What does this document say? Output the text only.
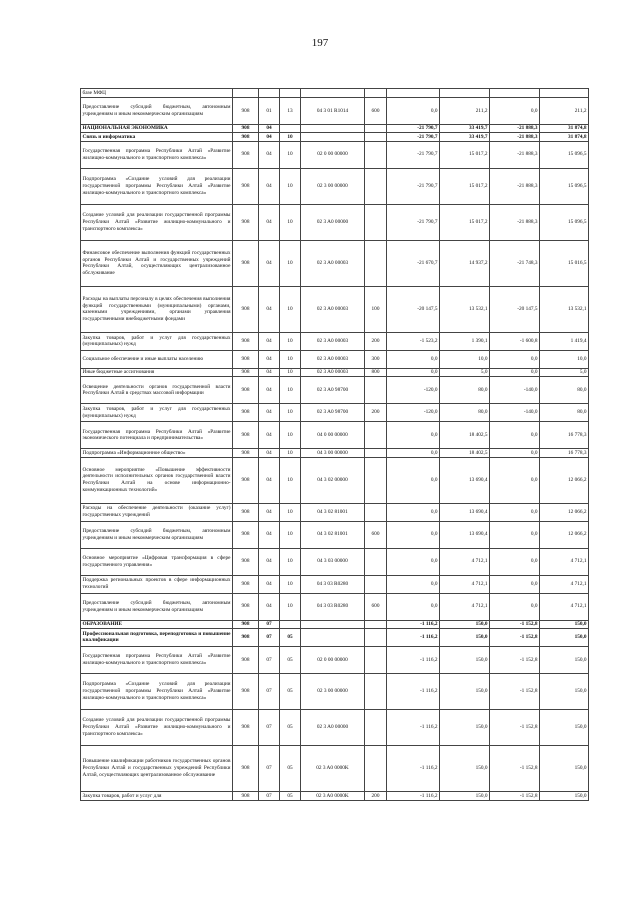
197
базе МФЦ									
Предоставление субсидий бюджетным, автономным учреждениям и иным некоммерческим организациям	908	01	13	04 3 01 R1014	600	0,0	211,2	0,0	211,2
НАЦИОНАЛЬНАЯ ЭКОНОМИКА	908	04				-21 790,7	33 419,7	-21 888,3	31 874,8
Связь и информатика	908	04	10			-21 790,7	33 419,7	-21 888,3	31 874,8
Государственная программа Республики Алтай «Развитие жилищно-коммунального и транспортного комплекса»	908	04	10	02 0 00 00000		-21 790,7	15 017,2	-21 888,3	15 096,5
Подпрограмма «Создание условий для реализации государственной программы Республики Алтай «Развитие жилищно-коммунального и транспортного комплекса»	908	04	10	02 3 00 00000		-21 790,7	15 017,2	-21 888,3	15 096,5
Создание условий для реализации государственной программы Республики Алтай «Развитие жилищно-коммунального и транспортного комплекса»	908	04	10	02 3 A0 00000		-21 790,7	15 017,2	-21 888,3	15 096,5
Финансовое обеспечение выполнения функций государственных органов Республики Алтай и государственных учреждений Республики Алтай, осуществляющих централизованное обслуживание	908	04	10	02 3 A0 00003		-21 670,7	14 937,2	-21 748,3	15 016,5
Расходы на выплаты персоналу в целях обеспечения выполнения функций государственными (муниципальными) органами, казенными учреждениями, органами управления государственными внебюджетными фондами	908	04	10	02 3 A0 00003	100	-20 147,5	13 532,1	-20 147,5	13 532,1
Закупка товаров, работ и услуг для государственных (муниципальных) нужд	908	04	10	02 3 A0 00003	200	-1 523,2	1 390,1	-1 600,8	1 419,4
Социальное обеспечение и иные выплаты населению	908	04	10	02 3 A0 00003	300	0,0	10,0	0,0	10,0
Иные бюджетные ассигнования	908	04	10	02 3 A0 00003	800	0,0	5,0	0,0	5,0
Освещение деятельности органов государственной власти Республики Алтай в средствах массовой информации	908	04	10	02 3 A0 98700		-120,0	80,0	-140,0	80,0
Закупка товаров, работ и услуг для государственных (муниципальных) нужд	908	04	10	02 3 A0 98700	200	-120,0	80,0	-140,0	80,0
Государственная программа Республики Алтай «Развитие экономического потенциала и предпринимательства»	908	04	10	04 0 00 00000		0,0	18 402,5	0,0	16 778,3
Подпрограмма «Информационное общество»	908	04	10	04 3 00 00000		0,0	18 402,5	0,0	16 778,3
Основное мероприятие «Повышение эффективности деятельности исполнительных органов государственной власти Республики Алтай на основе информационно-коммуникационных технологий»	908	04	10	04 3 02 00000		0,0	13 690,4	0,0	12 066,2
Расходы на обеспечение деятельности (оказание услуг) государственных учреждений	908	04	10	04 3 02 81001		0,0	13 690,4	0,0	12 066,2
Предоставление субсидий бюджетным, автономным учреждениям и иным некоммерческим организациям	908	04	10	04 3 02 81001	600	0,0	13 690,4	0,0	12 066,2
Основное мероприятие «Цифровая трансформация в сфере государственного управления»	908	04	10	04 3 03 00000		0,0	4 712,1	0,0	4 712,1
Поддержка региональных проектов в сфере информационных технологий	908	04	10	04 3 03 R0280		0,0	4 712,1	0,0	4 712,1
Предоставление субсидий бюджетным, автономным учреждениям и иным некоммерческим организациям	908	04	10	04 3 03 R0280	600	0,0	4 712,1	0,0	4 712,1
ОБРАЗОВАНИЕ	908	07				-1 116,2	150,0	-1 152,8	150,0
Профессиональная подготовка, переподготовка и повышение квалификации	908	07	05			-1 116,2	150,0	-1 152,8	150,0
Государственная программа Республики Алтай «Развитие жилищно-коммунального и транспортного комплекса»	908	07	05	02 0 00 00000		-1 116,2	150,0	-1 152,8	150,0
Подпрограмма «Создание условий для реализации государственной программы Республики Алтай «Развитие жилищно-коммунального и транспортного комплекса»	908	07	05	02 3 00 00000		-1 116,2	150,0	-1 152,8	150,0
Создание условий для реализации государственной программы Республики Алтай «Развитие жилищно-коммунального и транспортного комплекса»	908	07	05	02 3 A0 00000		-1 116,2	150,0	-1 152,8	150,0
Повышение квалификации работников государственных органов Республики Алтай и государственных учреждений Республики Алтай, осуществляющих централизованное обслуживание	908	07	05	02 3 A0 0000K		-1 116,2	150,0	-1 152,8	150,0
Закупка товаров, работ и услуг для	908	07	05	02 3 A0 0000K	200	-1 116,2	150,0	-1 152,8	150,0
